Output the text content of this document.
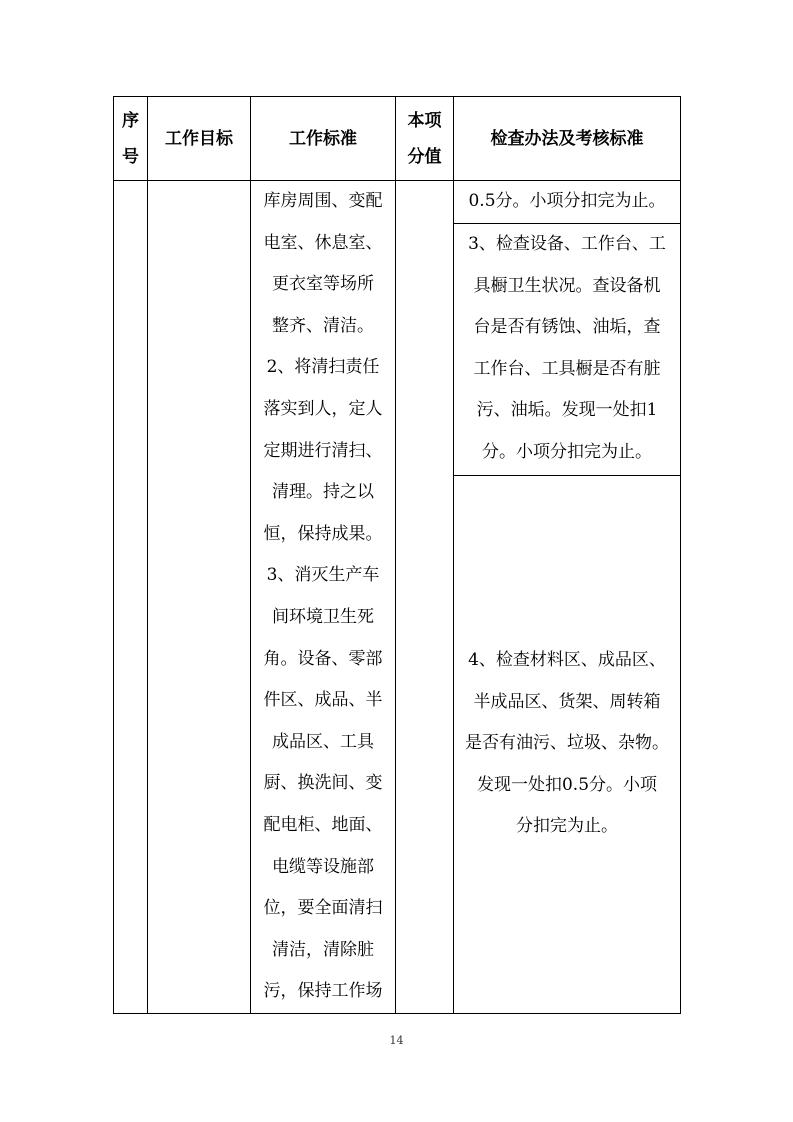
序
号
工作目标	工作标准
本项
分值
检查办法及考核标准
库房周围、变配
电室、休息室、
更衣室等场所
整齐、清洁。
2、将清扫责任
落实到人，定人
定期进行清扫、
清理。持之以
恒，保持成果。
3、消灭生产车
间环境卫生死
角。设备、零部
件区、成品、半
成品区、工具
厨、换洗间、变
配电柜、地面、
电缆等设施部
位，要全面清扫
清洁，清除脏
污，保持工作场
0.5分。小项分扣完为止。
3、检查设备、工作台、工
具橱卫生状况。查设备机
台是否有锈蚀、油垢，查
工作台、工具橱是否有脏
污、油垢。发现一处扣1
分。小项分扣完为止。
4、检查材料区、成品区、
半成品区、货架、周转箱
是否有油污、垃圾、杂物。
发现一处扣0.5分。小项
分扣完为止。
14
